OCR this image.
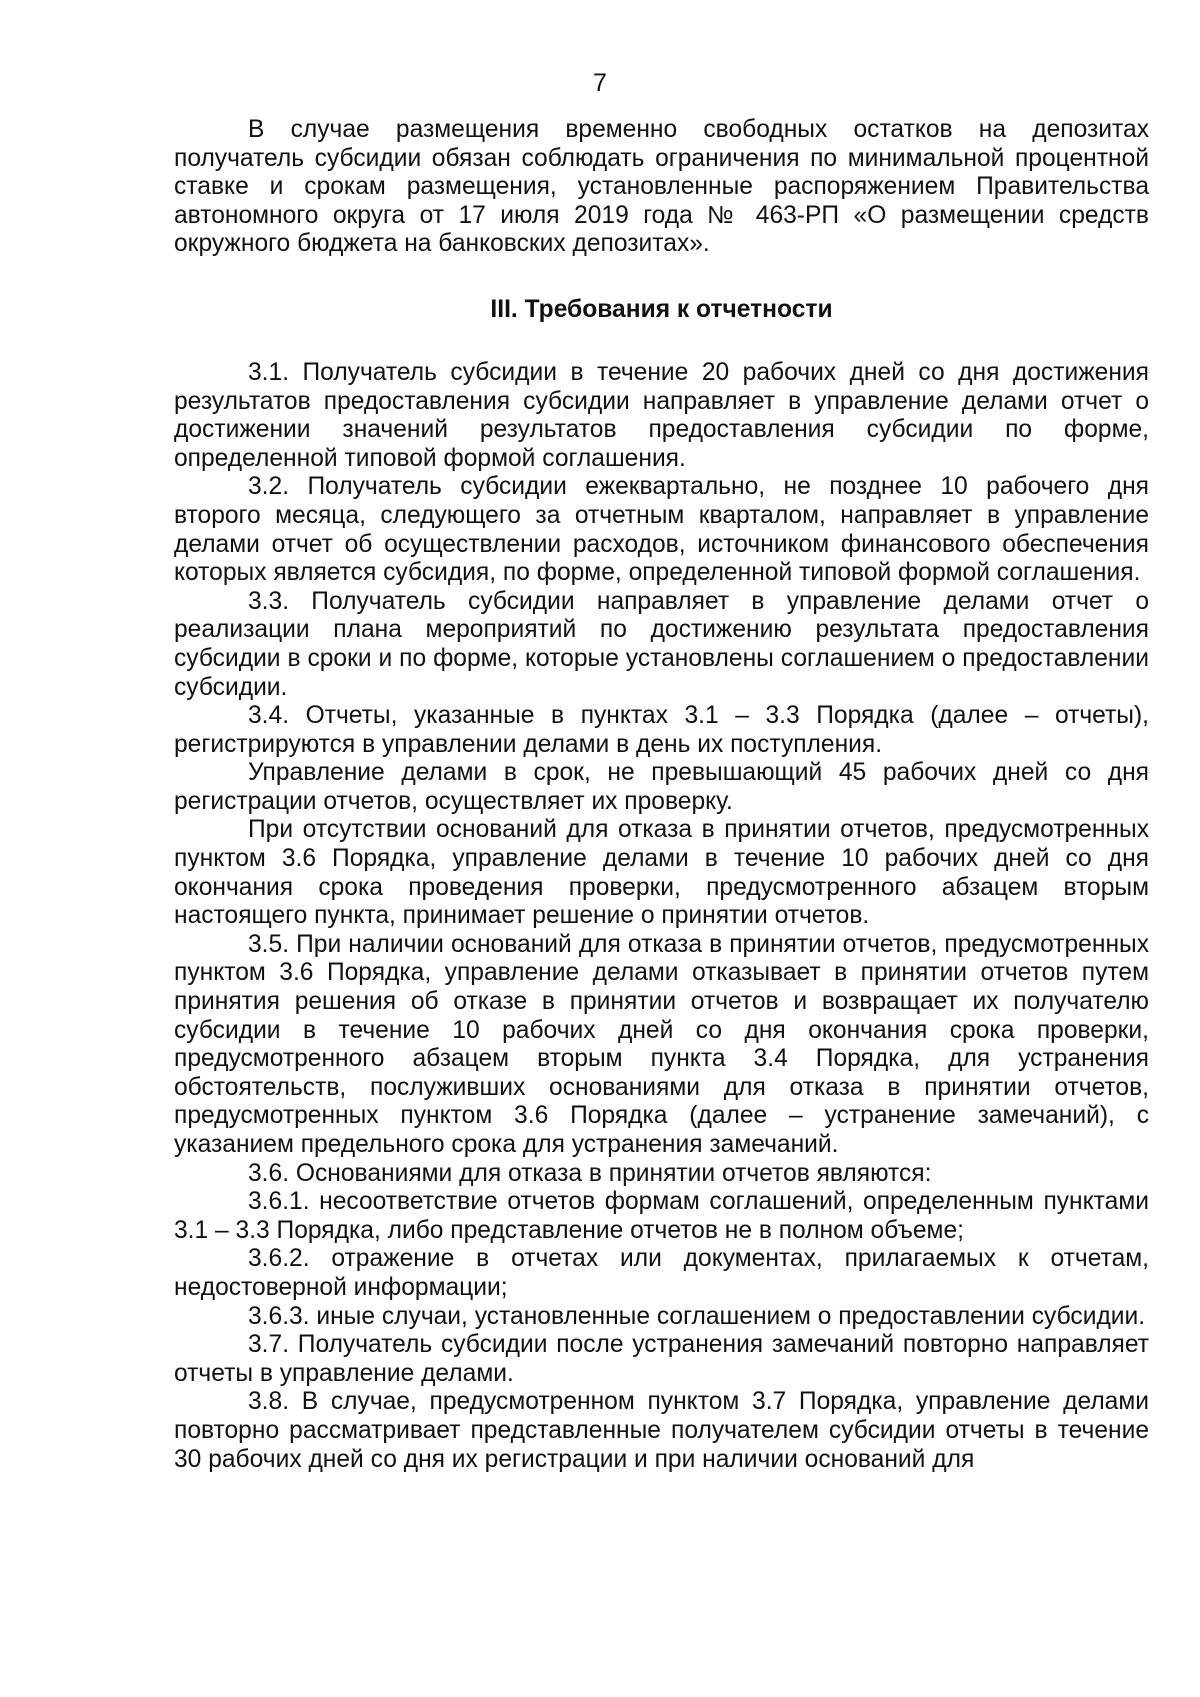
7

В случае размещения временно свободных остатков на депозитах получатель субсидии обязан соблюдать ограничения по минимальной процентной ставке и срокам размещения, установленные распоряжением Правительства автономного округа от 17 июля 2019 года № 463-РП «О размещении средств окружного бюджета на банковских депозитах».

III. Требования к отчетности

3.1. Получатель субсидии в течение 20 рабочих дней со дня достижения результатов предоставления субсидии направляет в управление делами отчет о достижении значений результатов предоставления субсидии по форме, определенной типовой формой соглашения.

3.2. Получатель субсидии ежеквартально, не позднее 10 рабочего дня второго месяца, следующего за отчетным кварталом, направляет в управление делами отчет об осуществлении расходов, источником финансового обеспечения которых является субсидия, по форме, определенной типовой формой соглашения.

3.3. Получатель субсидии направляет в управление делами отчет о реализации плана мероприятий по достижению результата предоставления субсидии в сроки и по форме, которые установлены соглашением о предоставлении субсидии.

3.4. Отчеты, указанные в пунктах 3.1 – 3.3 Порядка (далее – отчеты), регистрируются в управлении делами в день их поступления.

Управление делами в срок, не превышающий 45 рабочих дней со дня регистрации отчетов, осуществляет их проверку.

При отсутствии оснований для отказа в принятии отчетов, предусмотренных пунктом 3.6 Порядка, управление делами в течение 10 рабочих дней со дня окончания срока проведения проверки, предусмотренного абзацем вторым настоящего пункта, принимает решение о принятии отчетов.

3.5. При наличии оснований для отказа в принятии отчетов, предусмотренных пунктом 3.6 Порядка, управление делами отказывает в принятии отчетов путем принятия решения об отказе в принятии отчетов и возвращает их получателю субсидии в течение 10 рабочих дней со дня окончания срока проверки, предусмотренного абзацем вторым пункта 3.4 Порядка, для устранения обстоятельств, послуживших основаниями для отказа в принятии отчетов, предусмотренных пунктом 3.6 Порядка (далее – устранение замечаний), с указанием предельного срока для устранения замечаний.

3.6. Основаниями для отказа в принятии отчетов являются:

3.6.1. несоответствие отчетов формам соглашений, определенным пунктами 3.1 – 3.3 Порядка, либо представление отчетов не в полном объеме;

3.6.2. отражение в отчетах или документах, прилагаемых к отчетам, недостоверной информации;

3.6.3. иные случаи, установленные соглашением о предоставлении субсидии.

3.7. Получатель субсидии после устранения замечаний повторно направляет отчеты в управление делами.

3.8. В случае, предусмотренном пунктом 3.7 Порядка, управление делами повторно рассматривает представленные получателем субсидии отчеты в течение 30 рабочих дней со дня их регистрации и при наличии оснований для
